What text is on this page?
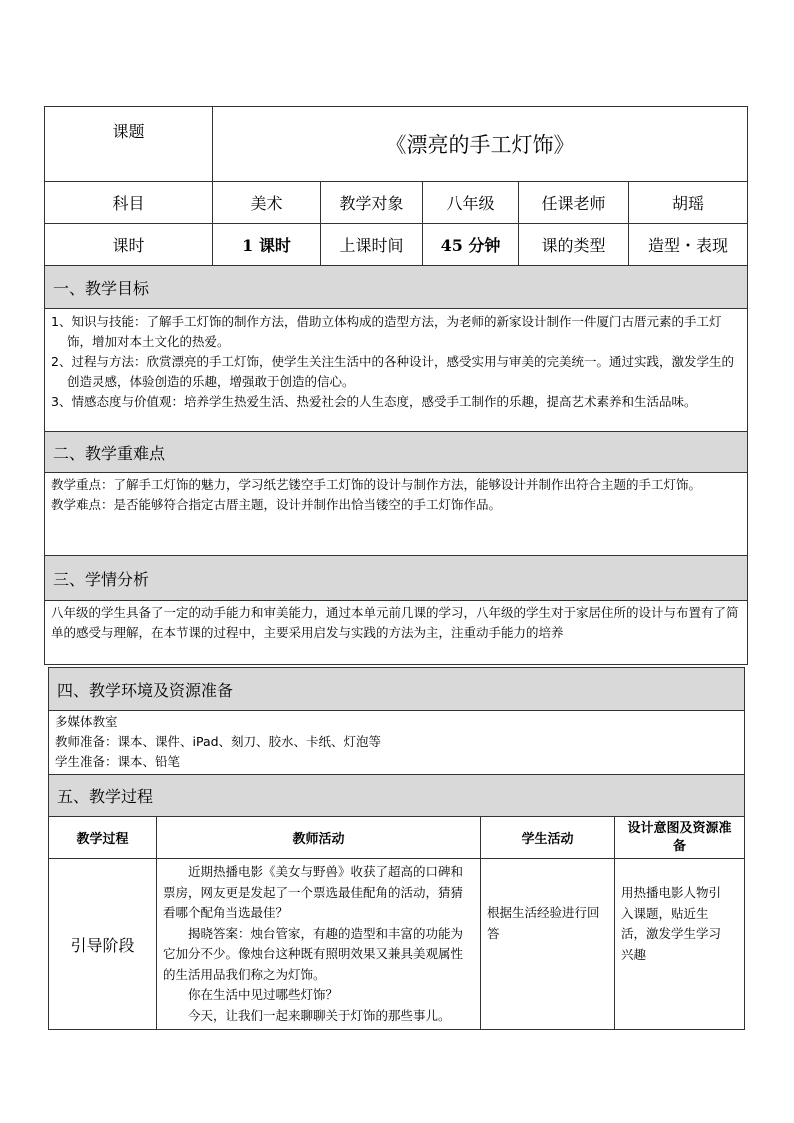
课题	《漂亮的手工灯饰》				
科目	美术	教学对象	八年级	任课老师	胡瑶
课时	1 课时	上课时间	45 分钟	课的类型	造型・表现
一、教学目标					

1、知识与技能：了解手工灯饰的制作方法，借助立体构成的造型方法，为老师的新家设计制作一件厦门古厝元素的手工灯饰，增加对本土文化的热爱。
2、过程与方法：欣赏漂亮的手工灯饰，使学生关注生活中的各种设计，感受实用与审美的完美统一。通过实践，激发学生的创造灵感，体验创造的乐趣，增强敢于创造的信心。
3、情感态度与价值观：培养学生热爱生活、热爱社会的人生态度，感受手工制作的乐趣，提高艺术素养和生活品味。					

二、教学重难点					

教学重点：了解手工灯饰的魅力，学习纸艺镂空手工灯饰的设计与制作方法，能够设计并制作出符合主题的手工灯饰。
教学难点：是否能够符合指定古厝主题，设计并制作出恰当镂空的手工灯饰作品。					

三、学情分析					

八年级的学生具备了一定的动手能力和审美能力，通过本单元前几课的学习，八年级的学生对于家居住所的设计与布置有了简单的感受与理解，在本节课的过程中，主要采用启发与实践的方法为主，注重动手能力的培养					
四、教学环境及资源准备			

多媒体教室
教师准备：课本、课件、iPad、刻刀、胶水、卡纸、灯泡等
学生准备：课本、铅笔			

五、教学过程			
教学过程	教师活动	学生活动	设计意图及资源准备
引导阶段	近期热播电影《美女与野兽》收获了超高的口碑和票房，网友更是发起了一个票选最佳配角的活动，猜猜看哪个配角当选最佳？

揭晓答案：烛台管家，有趣的造型和丰富的功能为它加分不少。像烛台这种既有照明效果又兼具美观属性的生活用品我们称之为灯饰。

你在生活中见过哪些灯饰？

今天，让我们一起来聊聊关于灯饰的那些事儿。	根据生活经验进行回答	用热播电影人物引入课题，贴近生活，激发学生学习兴趣
